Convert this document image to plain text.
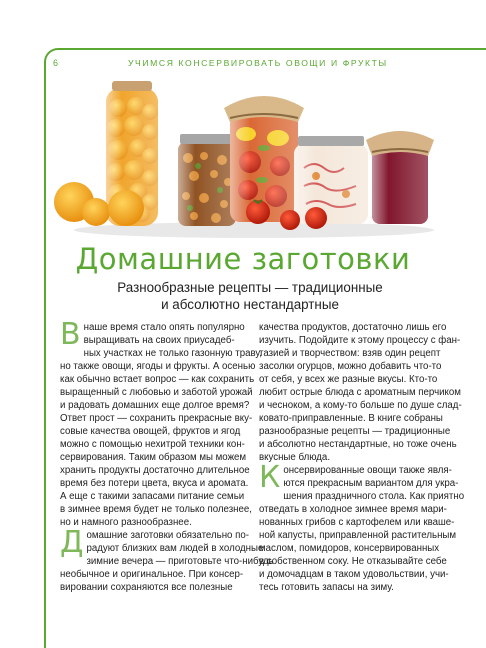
6	УЧИМСЯ КОНСЕРВИРОВАТЬ ОВОЩИ И ФРУКТЫ
Домашние заготовки
Разнообразные рецепты — традиционные
и абсолютно нестандартные

В наше время стало опять популярно
выращивать на своих приусадеб-
ных участках не только газонную траву,
но также овощи, ягоды и фрукты. А осенью
как обычно встает вопрос — как сохранить
выращенный с любовью и заботой урожай
и радовать домашних еще долгое время?
Ответ прост — сохранить прекрасные вку-
совые качества овощей, фруктов и ягод
можно с помощью нехитрой техники кон-
сервирования. Таким образом мы можем
хранить продукты достаточно длительное
время без потери цвета, вкуса и аромата.
А еще с такими запасами питание семьи
в зимнее время будет не только полезнее,
но и намного разнообразнее.

Д омашние заготовки обязательно по-
радуют близких вам людей в холодные
зимние вечера — приготовьте что-нибудь
необычное и оригинальное. При консер-
вировании сохраняются все полезные

качества продуктов, достаточно лишь его
изучить. Подойдите к этому процессу с фан-
тазией и творчеством: взяв один рецепт
засолки огурцов, можно добавить что-то
от себя, у всех же разные вкусы. Кто-то
любит острые блюда с ароматным перчиком
и чесноком, а кому-то больше по душе слад-
ковато-приправленные. В книге собраны
разнообразные рецепты — традиционные
и абсолютно нестандартные, но тоже очень
вкусные блюда.

К онсервированные овощи также явля-
ются прекрасным вариантом для укра-
шения праздничного стола. Как приятно
отведать в холодное зимнее время мари-
нованных грибов с картофелем или кваше-
ной капусты, приправленной растительным
маслом, помидоров, консервированных
в собственном соку. Не отказывайте себе
и домочадцам в таком удовольствии, учи-
тесь готовить запасы на зиму.
